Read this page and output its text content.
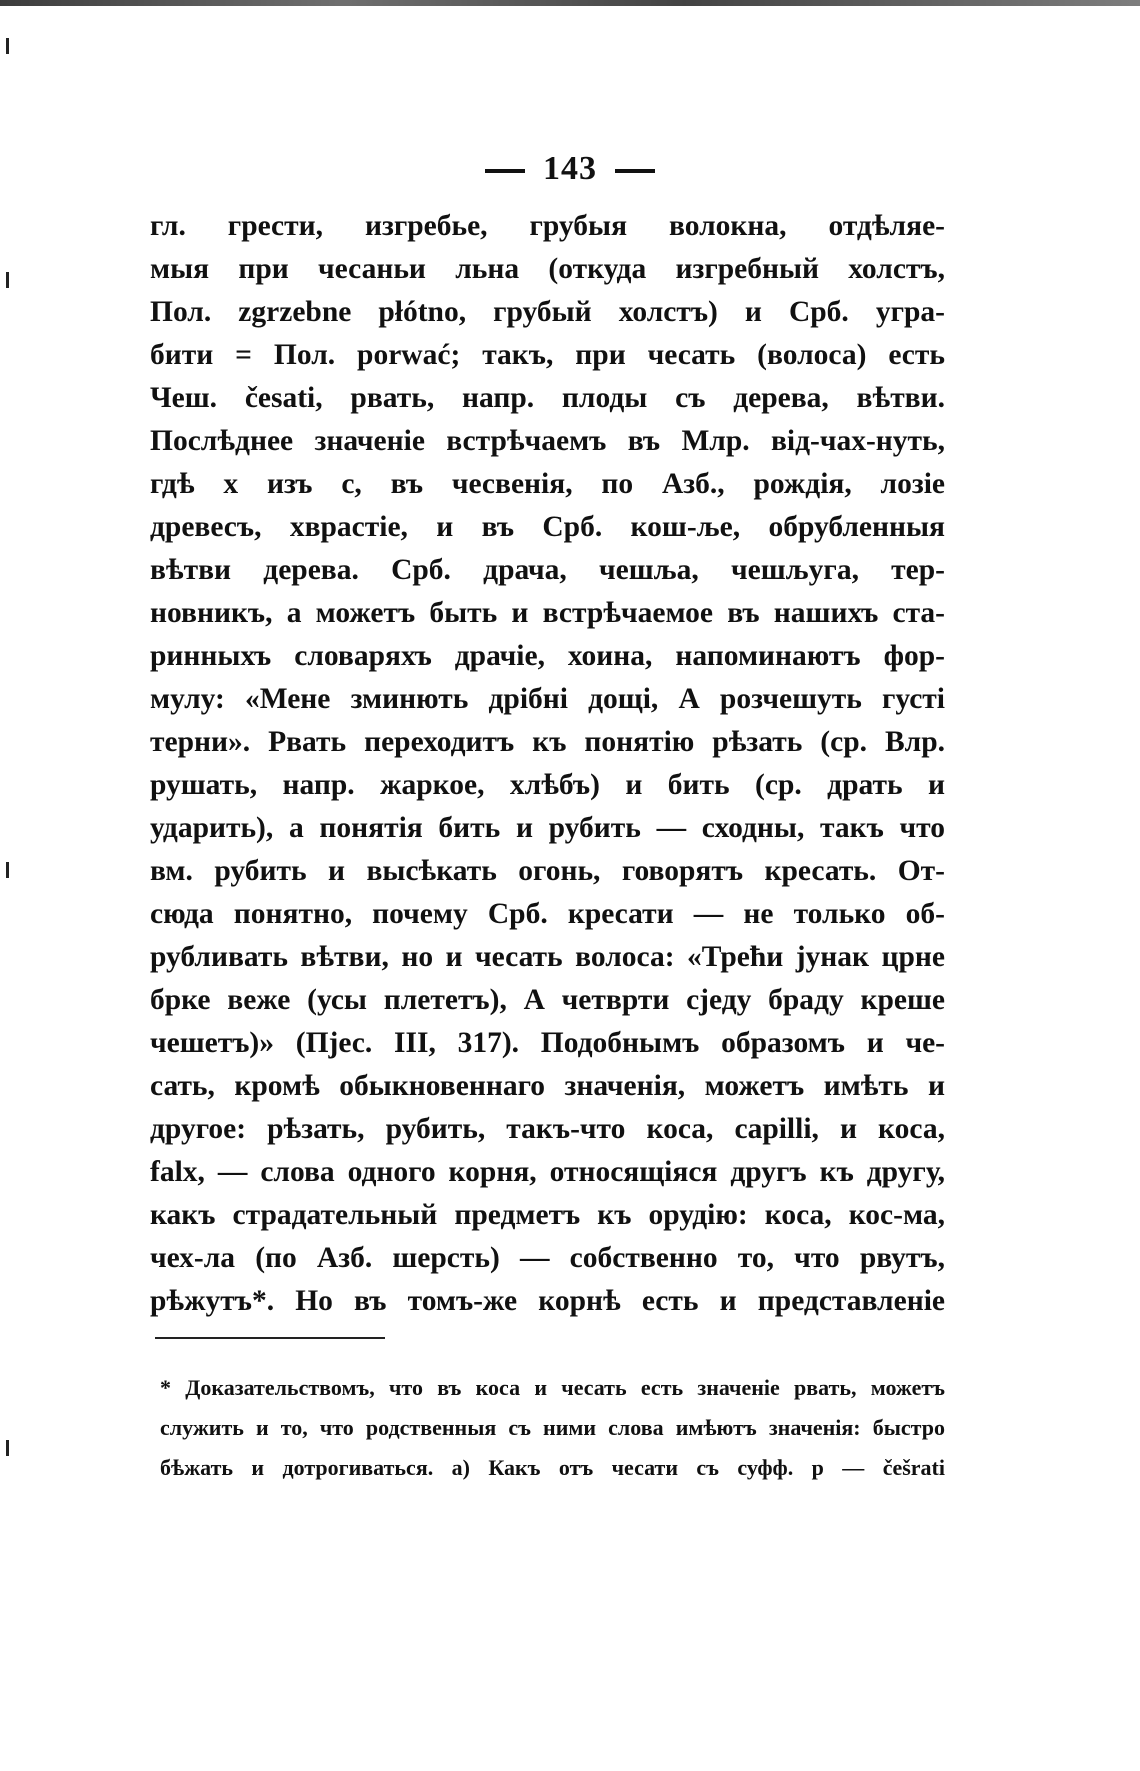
143
гл. грести, изгребье, грубыя волокна, отдѣляе-
мыя при чесаньи льна (откуда изгребный холстъ,
Пол. zgrzebne płótno, грубый холстъ) и Срб. угра-
бити = Пол. porwać; такъ, при чесать (волоса) есть
Чеш. česati, рвать, напр. плоды съ дерева, вѣтви.
Послѣднее значеніе встрѣчаемъ въ Млр. вiд-чах-нуть,
гдѣ х изъ с, въ чесвенія, по Азб., рождія, лозіе
древесъ, хврастіе, и въ Срб. кош-ље, обрубленныя
вѣтви дерева. Срб. драча, чешља, чешљуга, тер-
новникъ, а можетъ быть и встрѣчаемое въ нашихъ ста-
ринныхъ словаряхъ драчіе, хоина, напоминаютъ фор-
мулу: «Мене зминють дрібні дощі, А розчешуть густі
терни». Рвать переходитъ къ понятію рѣзать (ср. Влр.
рушать, напр. жаркое, хлѣбъ) и бить (ср. драть и
ударить), а понятія бить и рубить — сходны, такъ что
вм. рубить и высѣкать огонь, говорятъ кресать. От-
сюда понятно, почему Срб. кресати — не только об-
рубливать вѣтви, но и чесать волоса: «Трећи јунак црне
брке веже (усы плететъ), А четврти сједу браду креше
чешетъ)» (Пјес. III, 317). Подобнымъ образомъ и че-
сать, кромѣ обыкновеннаго значенія, можетъ имѣть и
другое: рѣзать, рубить, такъ-что коса, capilli, и коса,
falx, — слова одного корня, относящіяся другъ къ другу,
какъ страдательный предметъ къ орудію: коса, кос-ма,
чех-ла (по Азб. шерсть) — собственно то, что рвутъ,
рѣжутъ*. Но въ томъ-же корнѣ есть и представленіе
* Доказательствомъ, что въ коса и чесать есть значеніе рвать, можетъ
служить и то, что родственныя съ ними слова имѣютъ значенія: быстро
бѣжать и дотрогиваться. а) Какъ отъ чесати съ суфф. р — češrati
